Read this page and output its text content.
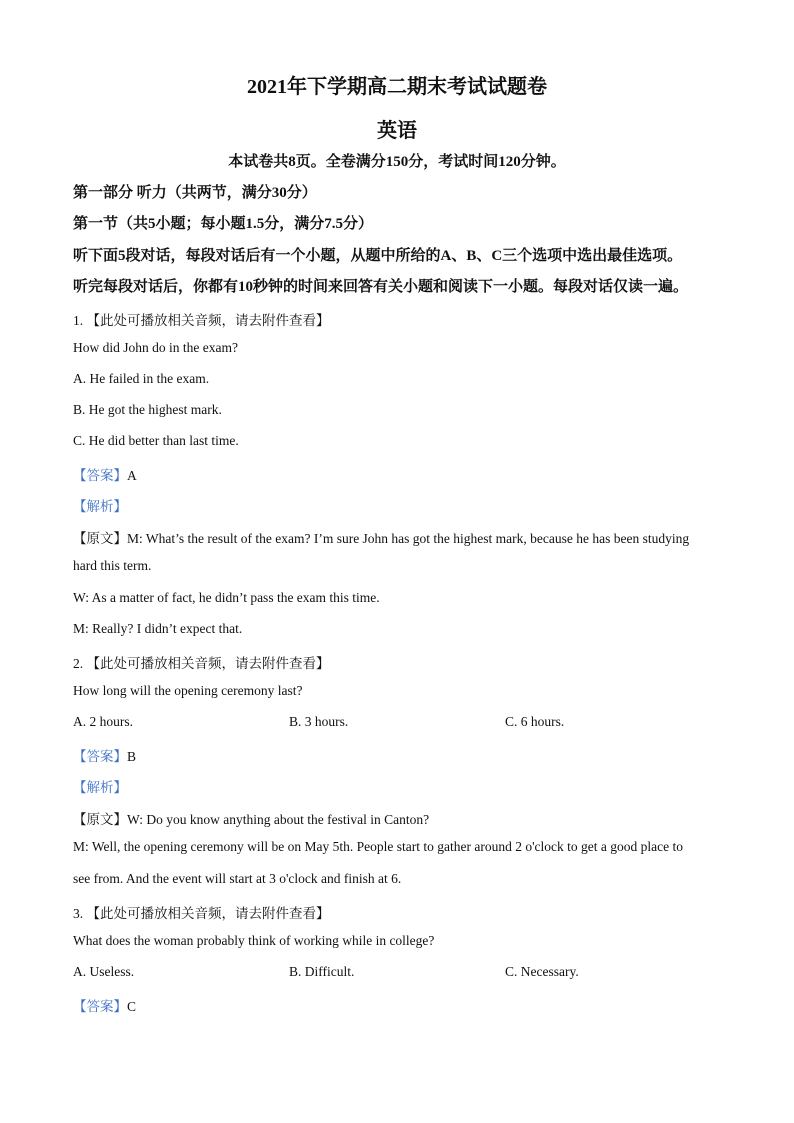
2021年下学期高二期末考试试题卷
英语
本试卷共8页。全卷满分150分，考试时间120分钟。
第一部分 听力（共两节，满分30分）
第一节（共5小题；每小题1.5分，满分7.5分）
听下面5段对话，每段对话后有一个小题，从题中所给的A、B、C三个选项中选出最佳选项。
听完每段对话后，你都有10秒钟的时间来回答有关小题和阅读下一小题。每段对话仅读一遍。
1. 【此处可播放相关音频，请去附件查看】
How did John do in the exam?
A. He failed in the exam.
B. He got the highest mark.
C. He did better than last time.
【答案】A
【解析】
【原文】M: What’s the result of the exam? I’m sure John has got the highest mark, because he has been studying
hard this term.
W: As a matter of fact, he didn’t pass the exam this time.
M: Really? I didn’t expect that.
2. 【此处可播放相关音频，请去附件查看】
How long will the opening ceremony last?
A. 2 hours.	B. 3 hours.	C. 6 hours.
【答案】B
【解析】
【原文】W: Do you know anything about the festival in Canton?
M: Well, the opening ceremony will be on May 5th. People start to gather around 2 o'clock to get a good place to
see from. And the event will start at 3 o'clock and finish at 6.
3. 【此处可播放相关音频，请去附件查看】
What does the woman probably think of working while in college?
A. Useless.	B. Difficult.	C. Necessary.
【答案】C
